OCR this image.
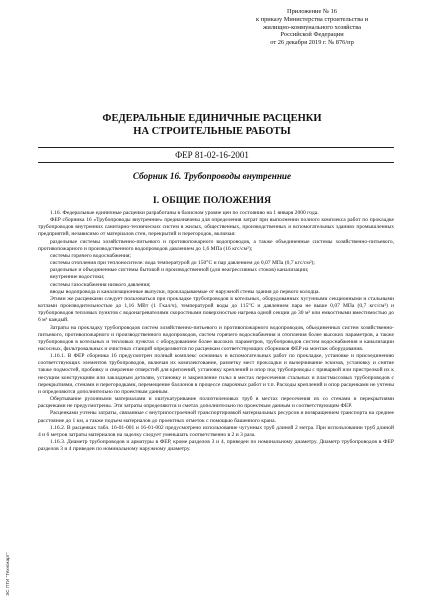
Приложение № 16
к приказу Министерства строительства и
жилищно-коммунального хозяйства
Российской Федерации
от 26 декабря 2019 г. № 876/пр
ФЕДЕРАЛЬНЫЕ ЕДИНИЧНЫЕ РАСЦЕНКИ
НА СТРОИТЕЛЬНЫЕ РАБОТЫ
ФЕР 81-02-16-2001
Сборник 16. Трубопроводы внутренние
I. ОБЩИЕ ПОЛОЖЕНИЯ

1.16. Федеральные единичные расценки разработаны в базисном уровне цен по состоянию на 1 января 2000 года.

ФЕР сборника 16 «Трубопроводы внутренние» предназначены для определения затрат при выполнении полного комплекса работ по прокладке трубопроводов внутренних санитарно-технических систем в жилых, общественных, производственных и вспомогательных зданиях промышленных предприятий, независимо от материалов стен, перекрытий и перегородок, включая:

раздельные системы хозяйственно-питьевого и противопожарного водопроводов, а также объединенные системы хозяйственно-питьевого, противопожарного и производственного водопроводов давлением до 1,6 МПа (16 кгс/см²);

системы горячего водоснабжения;

системы отопления при теплоносителе: вода температурой до 150°C и пар давлением до 0,07 МПа (0,7 кгс/см²);

раздельные и объединенные системы бытовой и производственной (для неагрессивных стоков) канализации;

внутренние водостоки;

системы газоснабжения низкого давления;

вводы водопровода и канализационные выпуски, прокладываемые от наружной стены здания до первого колодца.

Этими же расценками следует пользоваться при прокладке трубопроводов в котельных, оборудованных чугунными секционными и стальными котлами производительностью до 1,16 МВт (1 Гкал/ч), температурой воды до 115°C и давлением пара не выше 0,07 МПа (0,7 кгс/см²) и трубопроводов тепловых пунктов с водонагревателями скоростными поверхностью нагрева одной секции до 30 м² или емкостными вместимостью до 6 м³ каждый.

Затраты на прокладку трубопроводов систем хозяйственно-питьевого и противопожарного водопроводов, объединенных систем хозяйственно-питьевого, противопожарного и производственного водопроводов, систем горячего водоснабжения и отопления более высоких параметров, а также трубопроводов в котельных и тепловых пунктах с оборудованием более высоких параметров, трубопроводов систем водоснабжения и канализации насосных, фильтровальных и очистных станций определяются по расценкам соответствующих сборников ФЕР на монтаж оборудования.

1.16.1. В ФЕР сборника 16 предусмотрен полный комплекс основных и вспомогательных работ по прокладке, установке и присоединению соответствующих элементов трубопроводов, включая их комплектование, разметку мест прокладки и вычерчивание эскизов, установку и снятие также подмостей, пробивку и сверление отверстий для креплений, установку креплений и опор под трубопроводы с приваркой или пристрелкой их к несущим конструкциям или закладным деталям, установку и закрепление гильз в местах пересечения стальных и пластмассовых трубопроводов с перекрытиями, стенами и перегородками, перемещение баллонов в процессе сварочных работ и т.п. Расходы креплений и опор расценками не учтены и определяются дополнительно по проектным данным.

Обертывание рулонными материалами и оштукатуривание полиэтиленовых труб в местах пересечения их со стенами и перекрытиями расценками не предусмотрены. Эти затраты определяются и сметах дополнительно по проектным данным и соответствующим ФЕР.

Расценками учтены затраты, связанные с внутрипостроечной транспортировкой материальных ресурсов и возвращением транспорта на среднее расстояние до 1 км, а также подъем материалов до проектных отметок с помощью башенного крана.

1.16.2. В расценках табл. 16-01-001 и 16-01-002 предусмотрено использование чугунных труб длиной 2 метра. При использовании труб длиной 4 и 6 метров затраты материалов на заделку следует уменьшать соответственно в 2 и 3 раза.

1.16.3. Диаметр трубопроводов и арматуры в ФЕР, кроме разделов 3 и 4, приведен по номинальному диаметру. Диаметр трубопроводов в ФЕР разделов 3 и 4 приведен по номинальному наружному диаметру.

ЭС ПТИ "Технокарт"
